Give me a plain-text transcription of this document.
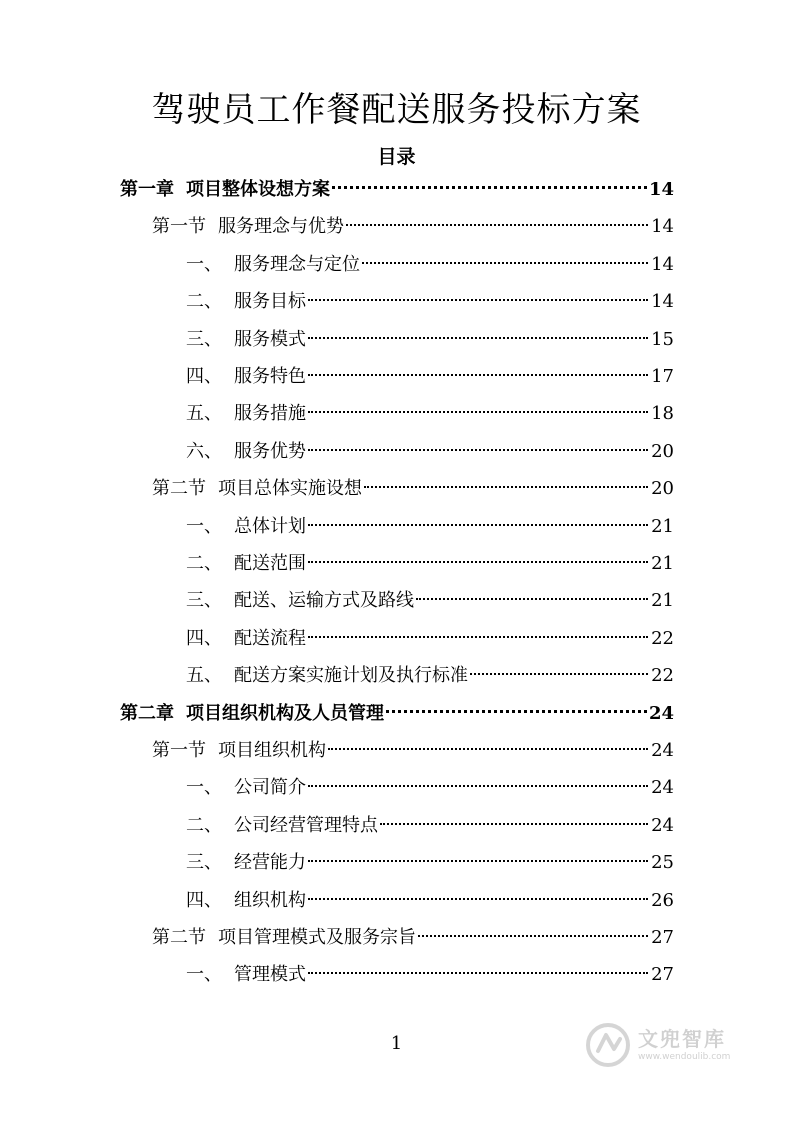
驾驶员工作餐配送服务投标方案
目录
第一章 项目整体设想方案	14
第一节 服务理念与优势	14
一、 服务理念与定位	14
二、 服务目标	14
三、 服务模式	15
四、 服务特色	17
五、 服务措施	18
六、 服务优势	20
第二节 项目总体实施设想	20
一、 总体计划	21
二、 配送范围	21
三、 配送、运输方式及路线	21
四、 配送流程	22
五、 配送方案实施计划及执行标准	22
第二章 项目组织机构及人员管理	24
第一节 项目组织机构	24
一、 公司简介	24
二、 公司经营管理特点	24
三、 经营能力	25
四、 组织机构	26
第二节 项目管理模式及服务宗旨	27
一、 管理模式	27
1	文兜智库
www.wendoulib.com
